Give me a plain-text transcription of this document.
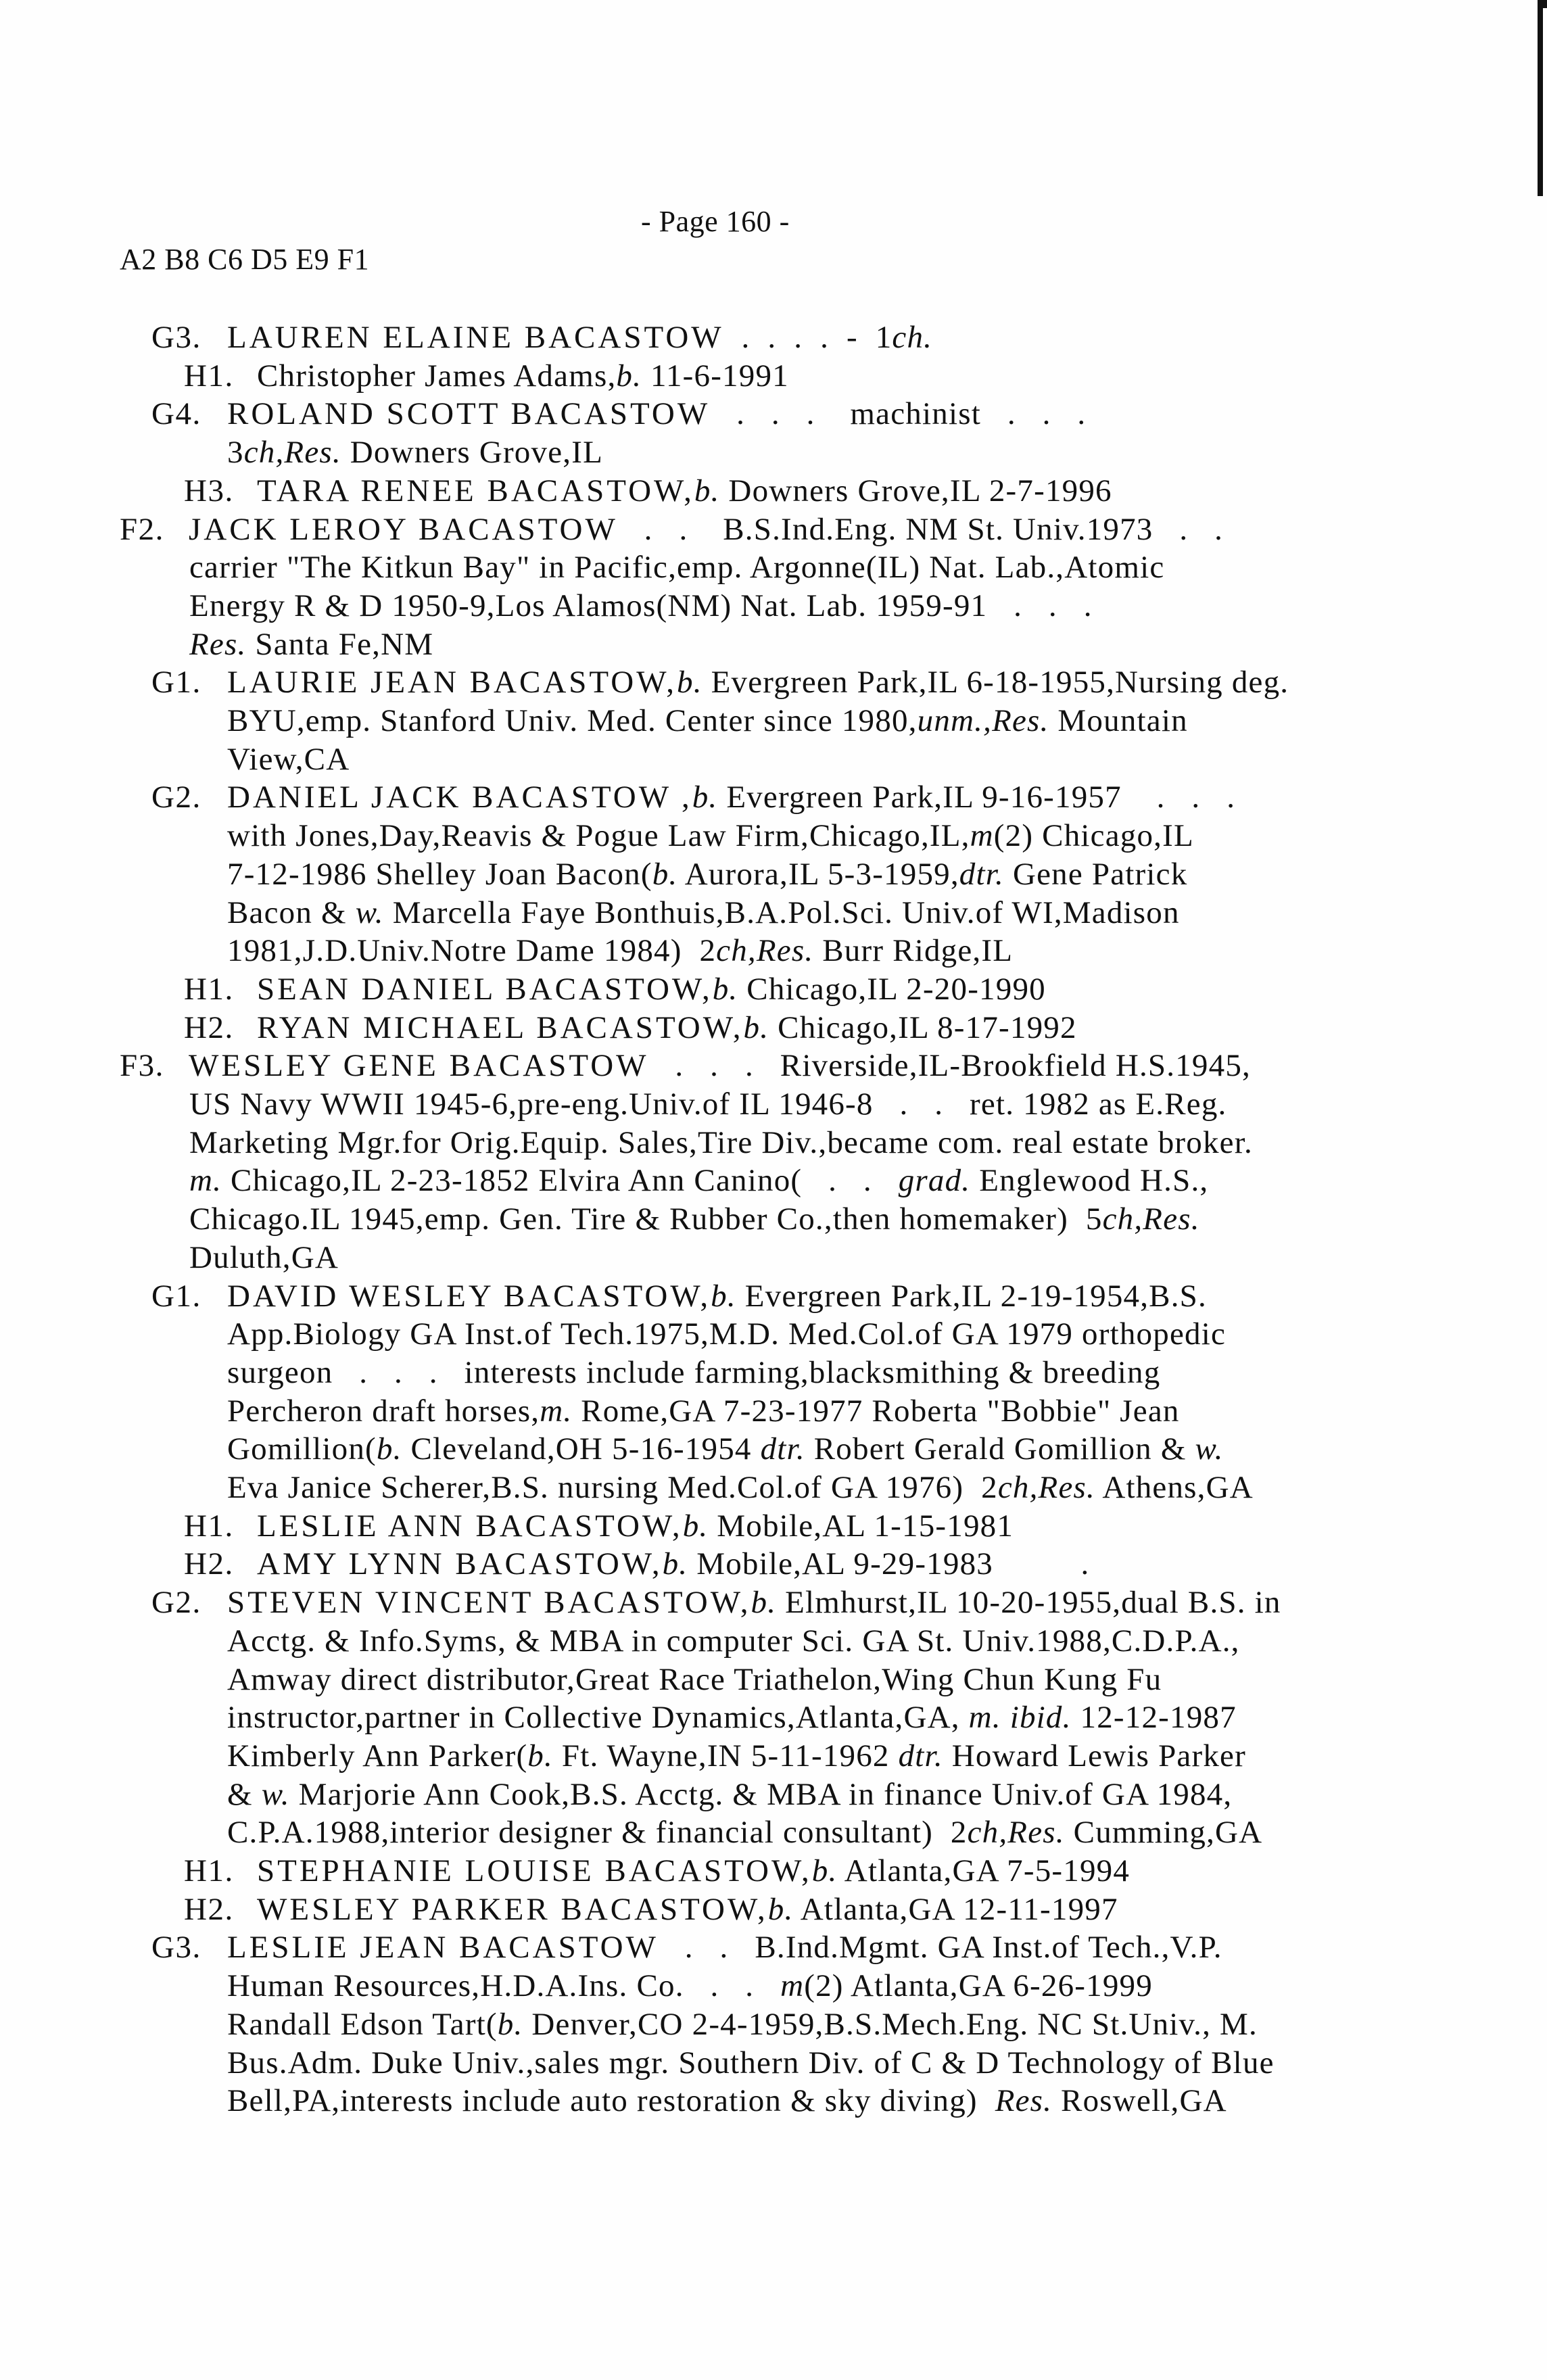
- Page 160 -
A2 B8 C6 D5 E9 F1
G3. LAUREN ELAINE BACASTOW  .  .  .  .  -  1ch.
H1. Christopher James Adams,b. 11-6-1991
G4. ROLAND SCOTT BACASTOW   .   .   .    machinist   .   .   .
3ch,Res. Downers Grove,IL
H3. TARA RENEE BACASTOW,b. Downers Grove,IL 2-7-1996
F2. JACK LEROY BACASTOW   .   .    B.S.Ind.Eng. NM St. Univ.1973   .   .
carrier "The Kitkun Bay" in Pacific,emp. Argonne(IL) Nat. Lab.,Atomic
Energy R & D 1950-9,Los Alamos(NM) Nat. Lab. 1959-91   .   .   .
Res. Santa Fe,NM
G1. LAURIE JEAN BACASTOW,b. Evergreen Park,IL 6-18-1955,Nursing deg.
BYU,emp. Stanford Univ. Med. Center since 1980,unm.,Res. Mountain
View,CA
G2. DANIEL JACK BACASTOW ,b. Evergreen Park,IL 9-16-1957    .   .   .
with Jones,Day,Reavis & Pogue Law Firm,Chicago,IL,m(2) Chicago,IL
7-12-1986 Shelley Joan Bacon(b. Aurora,IL 5-3-1959,dtr. Gene Patrick
Bacon & w. Marcella Faye Bonthuis,B.A.Pol.Sci. Univ.of WI,Madison
1981,J.D.Univ.Notre Dame 1984)  2ch,Res. Burr Ridge,IL
H1. SEAN DANIEL BACASTOW,b. Chicago,IL 2-20-1990
H2. RYAN MICHAEL BACASTOW,b. Chicago,IL 8-17-1992
F3. WESLEY GENE BACASTOW   .   .   .   Riverside,IL-Brookfield H.S.1945,
US Navy WWII 1945-6,pre-eng.Univ.of IL 1946-8   .   .   ret. 1982 as E.Reg.
Marketing Mgr.for Orig.Equip. Sales,Tire Div.,became com. real estate broker.
m. Chicago,IL 2-23-1852 Elvira Ann Canino(   .   .   grad. Englewood H.S.,
Chicago.IL 1945,emp. Gen. Tire & Rubber Co.,then homemaker)  5ch,Res.
Duluth,GA
G1. DAVID WESLEY BACASTOW,b. Evergreen Park,IL 2-19-1954,B.S.
App.Biology GA Inst.of Tech.1975,M.D. Med.Col.of GA 1979 orthopedic
surgeon   .   .   .   interests include farming,blacksmithing & breeding
Percheron draft horses,m. Rome,GA 7-23-1977 Roberta "Bobbie" Jean
Gomillion(b. Cleveland,OH 5-16-1954 dtr. Robert Gerald Gomillion & w.
Eva Janice Scherer,B.S. nursing Med.Col.of GA 1976)  2ch,Res. Athens,GA
H1. LESLIE ANN BACASTOW,b. Mobile,AL 1-15-1981
H2. AMY LYNN BACASTOW,b. Mobile,AL 9-29-1983          .
G2. STEVEN VINCENT BACASTOW,b. Elmhurst,IL 10-20-1955,dual B.S. in
Acctg. & Info.Syms, & MBA in computer Sci. GA St. Univ.1988,C.D.P.A.,
Amway direct distributor,Great Race Triathelon,Wing Chun Kung Fu
instructor,partner in Collective Dynamics,Atlanta,GA, m. ibid. 12-12-1987
Kimberly Ann Parker(b. Ft. Wayne,IN 5-11-1962 dtr. Howard Lewis Parker
& w. Marjorie Ann Cook,B.S. Acctg. & MBA in finance Univ.of GA 1984,
C.P.A.1988,interior designer & financial consultant)  2ch,Res. Cumming,GA
H1. STEPHANIE LOUISE BACASTOW,b. Atlanta,GA 7-5-1994
H2. WESLEY PARKER BACASTOW,b. Atlanta,GA 12-11-1997
G3. LESLIE JEAN BACASTOW   .   .   B.Ind.Mgmt. GA Inst.of Tech.,V.P.
Human Resources,H.D.A.Ins. Co.   .   .   m(2) Atlanta,GA 6-26-1999
Randall Edson Tart(b. Denver,CO 2-4-1959,B.S.Mech.Eng. NC St.Univ., M.
Bus.Adm. Duke Univ.,sales mgr. Southern Div. of C & D Technology of Blue
Bell,PA,interests include auto restoration & sky diving)  Res. Roswell,GA
